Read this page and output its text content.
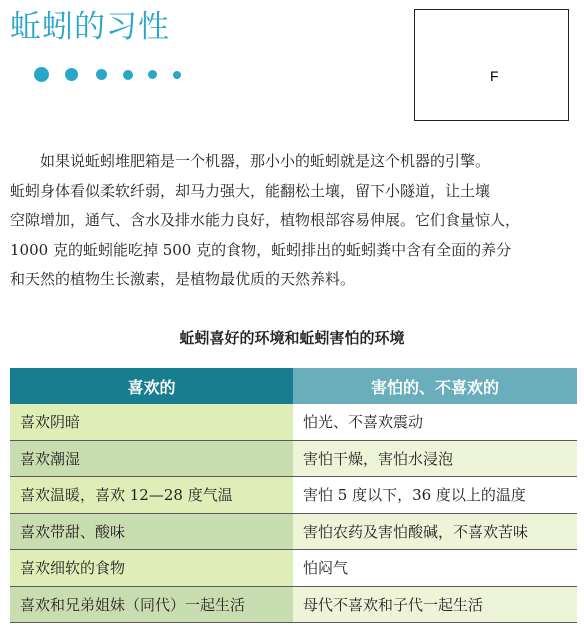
蚯蚓的习性
F
如果说蚯蚓堆肥箱是一个机器，那小小的蚯蚓就是这个机器的引擎。
蚯蚓身体看似柔软纤弱，却马力强大，能翻松土壤，留下小隧道，让土壤
空隙增加，通气、含水及排水能力良好，植物根部容易伸展。它们食量惊人，
1000 克的蚯蚓能吃掉 500 克的食物，蚯蚓排出的蚯蚓粪中含有全面的养分
和天然的植物生长激素，是植物最优质的天然养料。
蚯蚓喜好的环境和蚯蚓害怕的环境
喜欢的	害怕的、不喜欢的
喜欢阴暗	怕光、不喜欢震动
喜欢潮湿	害怕干燥，害怕水浸泡
喜欢温暖，喜欢 12—28 度气温	害怕 5 度以下，36 度以上的温度
喜欢带甜、酸味	害怕农药及害怕酸碱，不喜欢苦味
喜欢细软的食物	怕闷气
喜欢和兄弟姐妹（同代）一起生活	母代不喜欢和子代一起生活
